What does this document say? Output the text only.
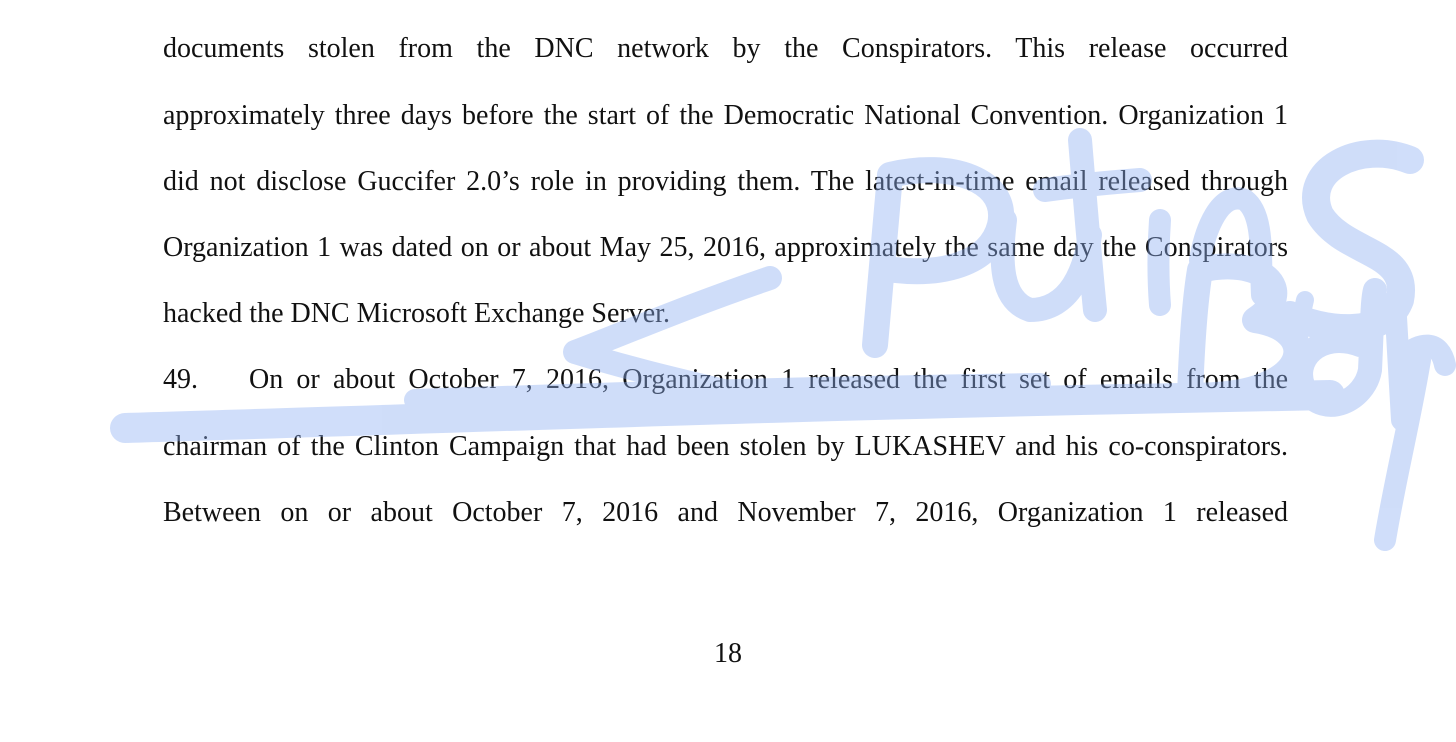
documents stolen from the DNC network by the Conspirators. This release occurred
approximately three days before the start of the Democratic National Convention. Organization 1
did not disclose Guccifer 2.0’s role in providing them. The latest-in-time email released through
Organization 1 was dated on or about May 25, 2016, approximately the same day the Conspirators
hacked the DNC Microsoft Exchange Server.
49. On or about October 7, 2016, Organization 1 released the first set of emails from the
chairman of the Clinton Campaign that had been stolen by LUKASHEV and his co-conspirators.
Between on or about October 7, 2016 and November 7, 2016, Organization 1 released
18
